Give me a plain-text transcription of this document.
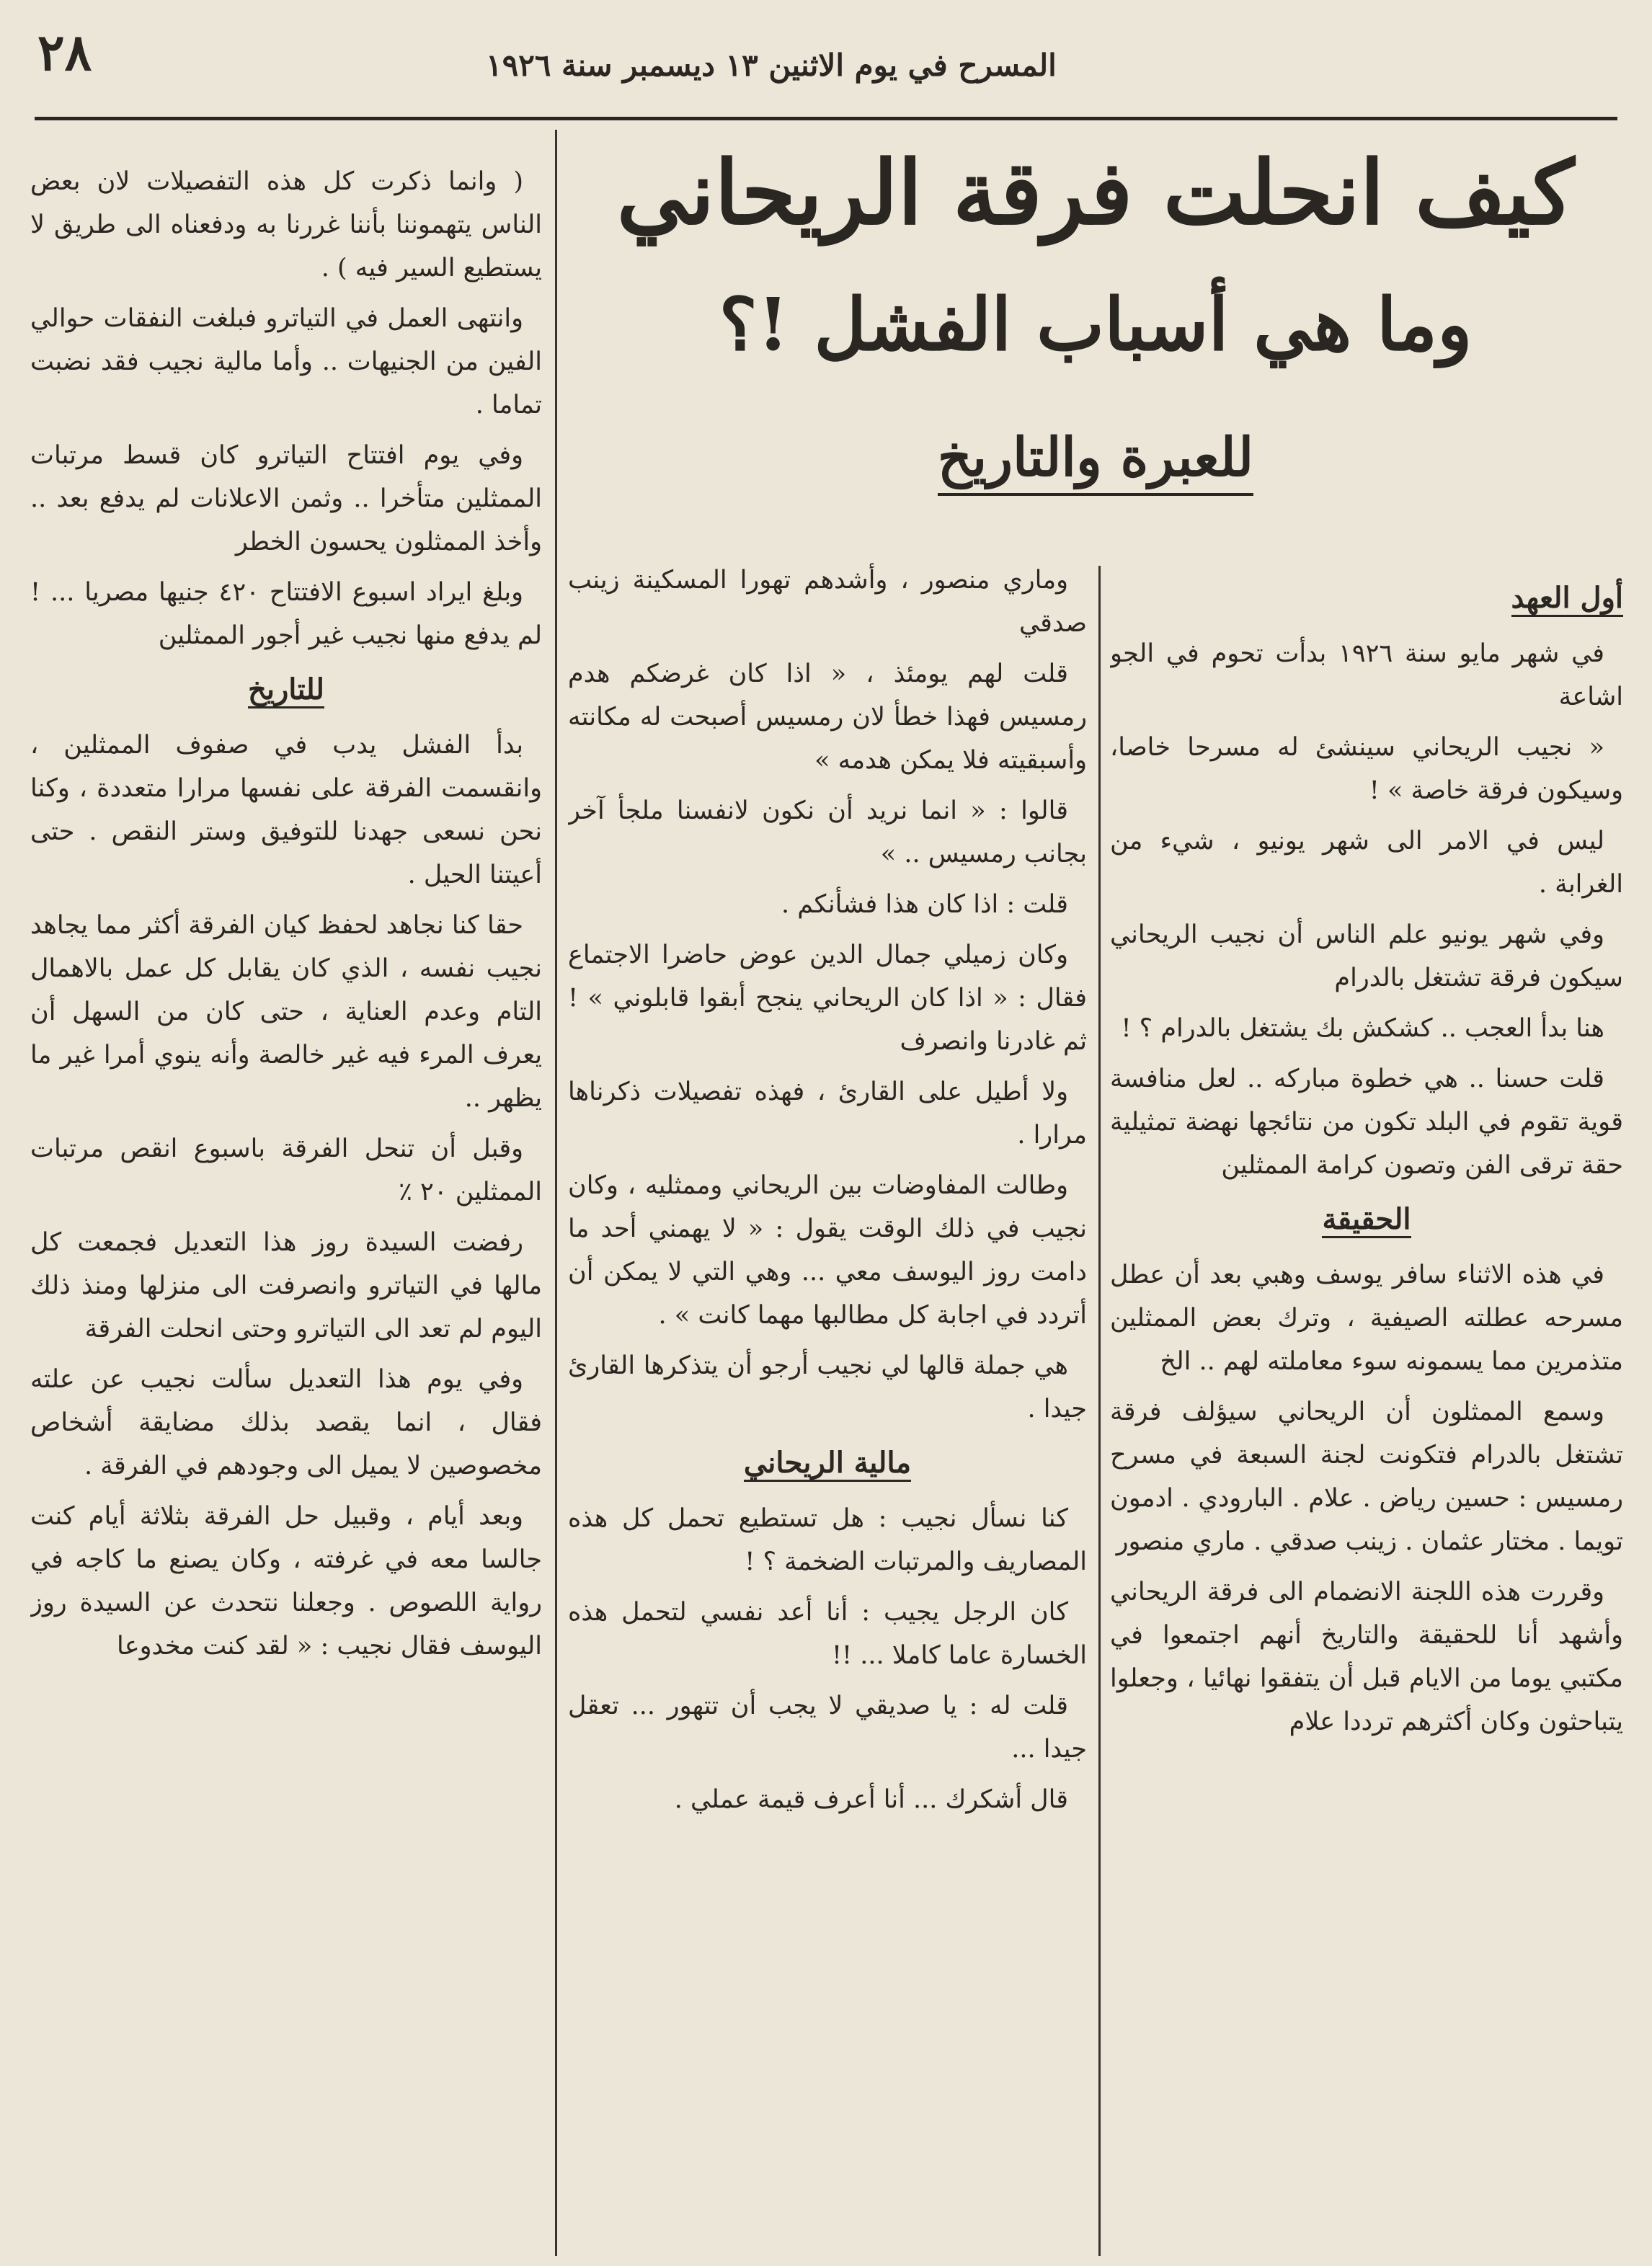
٢٨	المسرح في يوم الاثنين ١٣ ديسمبر سنة ١٩٢٦
كيف انحلت فرقة الريحاني
وما هي أسباب الفشل !؟
للعبرة والتاريخ
أول العهد

في شهر مايو سنة ١٩٢٦ بدأت تحوم في الجو اشاعة

« نجيب الريحاني سينشئ له مسرحا خاصا، وسيكون فرقة خاصة » !

ليس في الامر الى شهر يونيو ، شيء من الغرابة .

وفي شهر يونيو علم الناس أن نجيب الريحاني سيكون فرقة تشتغل بالدرام

هنا بدأ العجب .. كشكش بك يشتغل بالدرام ؟ !

قلت حسنا .. هي خطوة مباركه .. لعل منافسة قوية تقوم في البلد تكون من نتائجها نهضة تمثيلية حقة ترقى الفن وتصون كرامة الممثلين

الحقيقة

في هذه الاثناء سافر يوسف وهبي بعد أن عطل مسرحه عطلته الصيفية ، وترك بعض الممثلين متذمرين مما يسمونه سوء معاملته لهم .. الخ

وسمع الممثلون أن الريحاني سيؤلف فرقة تشتغل بالدرام فتكونت لجنة السبعة في مسرح رمسيس : حسين رياض . علام . البارودي . ادمون تويما . مختار عثمان . زينب صدقي . ماري منصور

وقررت هذه اللجنة الانضمام الى فرقة الريحاني وأشهد أنا للحقيقة والتاريخ أنهم اجتمعوا في مكتبي يوما من الايام قبل أن يتفقوا نهائيا ، وجعلوا يتباحثون وكان أكثرهم ترددا علام

وماري منصور ، وأشدهم تهورا المسكينة زينب صدقي

قلت لهم يومئذ ، « اذا كان غرضكم هدم رمسيس فهذا خطأ لان رمسيس أصبحت له مكانته وأسبقيته فلا يمكن هدمه »

قالوا : « انما نريد أن نكون لانفسنا ملجأ آخر بجانب رمسيس .. »

قلت : اذا كان هذا فشأنكم .

وكان زميلي جمال الدين عوض حاضرا الاجتماع فقال : « اذا كان الريحاني ينجح أبقوا قابلوني » ! ثم غادرنا وانصرف

ولا أطيل على القارئ ، فهذه تفصيلات ذكرناها مرارا .

وطالت المفاوضات بين الريحاني وممثليه ، وكان نجيب في ذلك الوقت يقول : « لا يهمني أحد ما دامت روز اليوسف معي ... وهي التي لا يمكن أن أتردد في اجابة كل مطالبها مهما كانت » .

هي جملة قالها لي نجيب أرجو أن يتذكرها القارئ جيدا .

مالية الريحاني

كنا نسأل نجيب : هل تستطيع تحمل كل هذه المصاريف والمرتبات الضخمة ؟ !

كان الرجل يجيب : أنا أعد نفسي لتحمل هذه الخسارة عاما كاملا ... !!

قلت له : يا صديقي لا يجب أن تتهور ... تعقل جيدا ...

قال أشكرك ... أنا أعرف قيمة عملي .

( وانما ذكرت كل هذه التفصيلات لان بعض الناس يتهموننا بأننا غررنا به ودفعناه الى طريق لا يستطيع السير فيه ) .

وانتهى العمل في التياترو فبلغت النفقات حوالي الفين من الجنيهات .. وأما مالية نجيب فقد نضبت تماما .

وفي يوم افتتاح التياترو كان قسط مرتبات الممثلين متأخرا .. وثمن الاعلانات لم يدفع بعد .. وأخذ الممثلون يحسون الخطر

وبلغ ايراد اسبوع الافتتاح ٤٢٠ جنيها مصريا ... ! لم يدفع منها نجيب غير أجور الممثلين

للتاريخ

بدأ الفشل يدب في صفوف الممثلين ، وانقسمت الفرقة على نفسها مرارا متعددة ، وكنا نحن نسعى جهدنا للتوفيق وستر النقص . حتى أعيتنا الحيل .

حقا كنا نجاهد لحفظ كيان الفرقة أكثر مما يجاهد نجيب نفسه ، الذي كان يقابل كل عمل بالاهمال التام وعدم العناية ، حتى كان من السهل أن يعرف المرء فيه غير خالصة وأنه ينوي أمرا غير ما يظهر ..

وقبل أن تنحل الفرقة باسبوع انقص مرتبات الممثلين ٢٠ ٪

رفضت السيدة روز هذا التعديل فجمعت كل مالها في التياترو وانصرفت الى منزلها ومنذ ذلك اليوم لم تعد الى التياترو وحتى انحلت الفرقة

وفي يوم هذا التعديل سألت نجيب عن علته فقال ، انما يقصد بذلك مضايقة أشخاص مخصوصين لا يميل الى وجودهم في الفرقة .

وبعد أيام ، وقبيل حل الفرقة بثلاثة أيام كنت جالسا معه في غرفته ، وكان يصنع ما كاجه في رواية اللصوص . وجعلنا نتحدث عن السيدة روز اليوسف فقال نجيب : « لقد كنت مخدوعا
